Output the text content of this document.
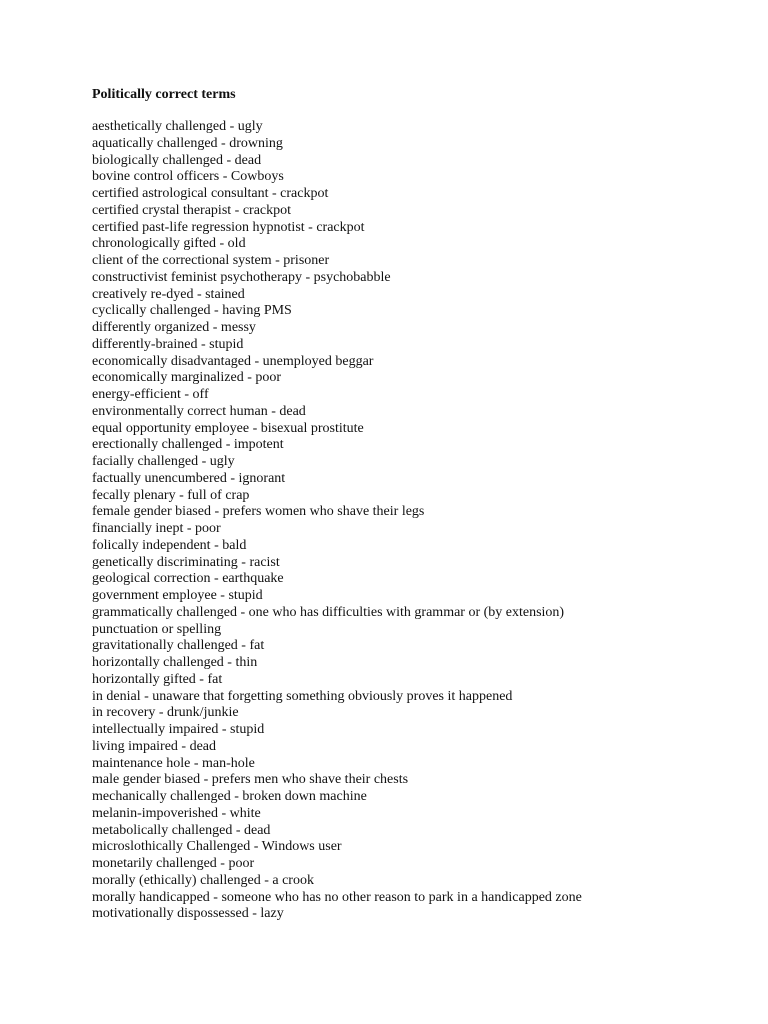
Politically correct terms
aesthetically challenged - ugly
aquatically challenged - drowning
biologically challenged - dead
bovine control officers - Cowboys
certified astrological consultant - crackpot
certified crystal therapist - crackpot
certified past-life regression hypnotist - crackpot
chronologically gifted - old
client of the correctional system - prisoner
constructivist feminist psychotherapy - psychobabble
creatively re-dyed - stained
cyclically challenged - having PMS
differently organized - messy
differently-brained - stupid
economically disadvantaged - unemployed beggar
economically marginalized - poor
energy-efficient - off
environmentally correct human - dead
equal opportunity employee - bisexual prostitute
erectionally challenged - impotent
facially challenged - ugly
factually unencumbered - ignorant
fecally plenary - full of crap
female gender biased - prefers women who shave their legs
financially inept - poor
folically independent - bald
genetically discriminating - racist
geological correction - earthquake
government employee - stupid
grammatically challenged - one who has difficulties with grammar or (by extension)
punctuation or spelling
gravitationally challenged - fat
horizontally challenged - thin
horizontally gifted - fat
in denial - unaware that forgetting something obviously proves it happened
in recovery - drunk/junkie
intellectually impaired - stupid
living impaired - dead
maintenance hole - man-hole
male gender biased - prefers men who shave their chests
mechanically challenged - broken down machine
melanin-impoverished - white
metabolically challenged - dead
microslothically Challenged - Windows user
monetarily challenged - poor
morally (ethically) challenged - a crook
morally handicapped - someone who has no other reason to park in a handicapped zone
motivationally dispossessed - lazy
